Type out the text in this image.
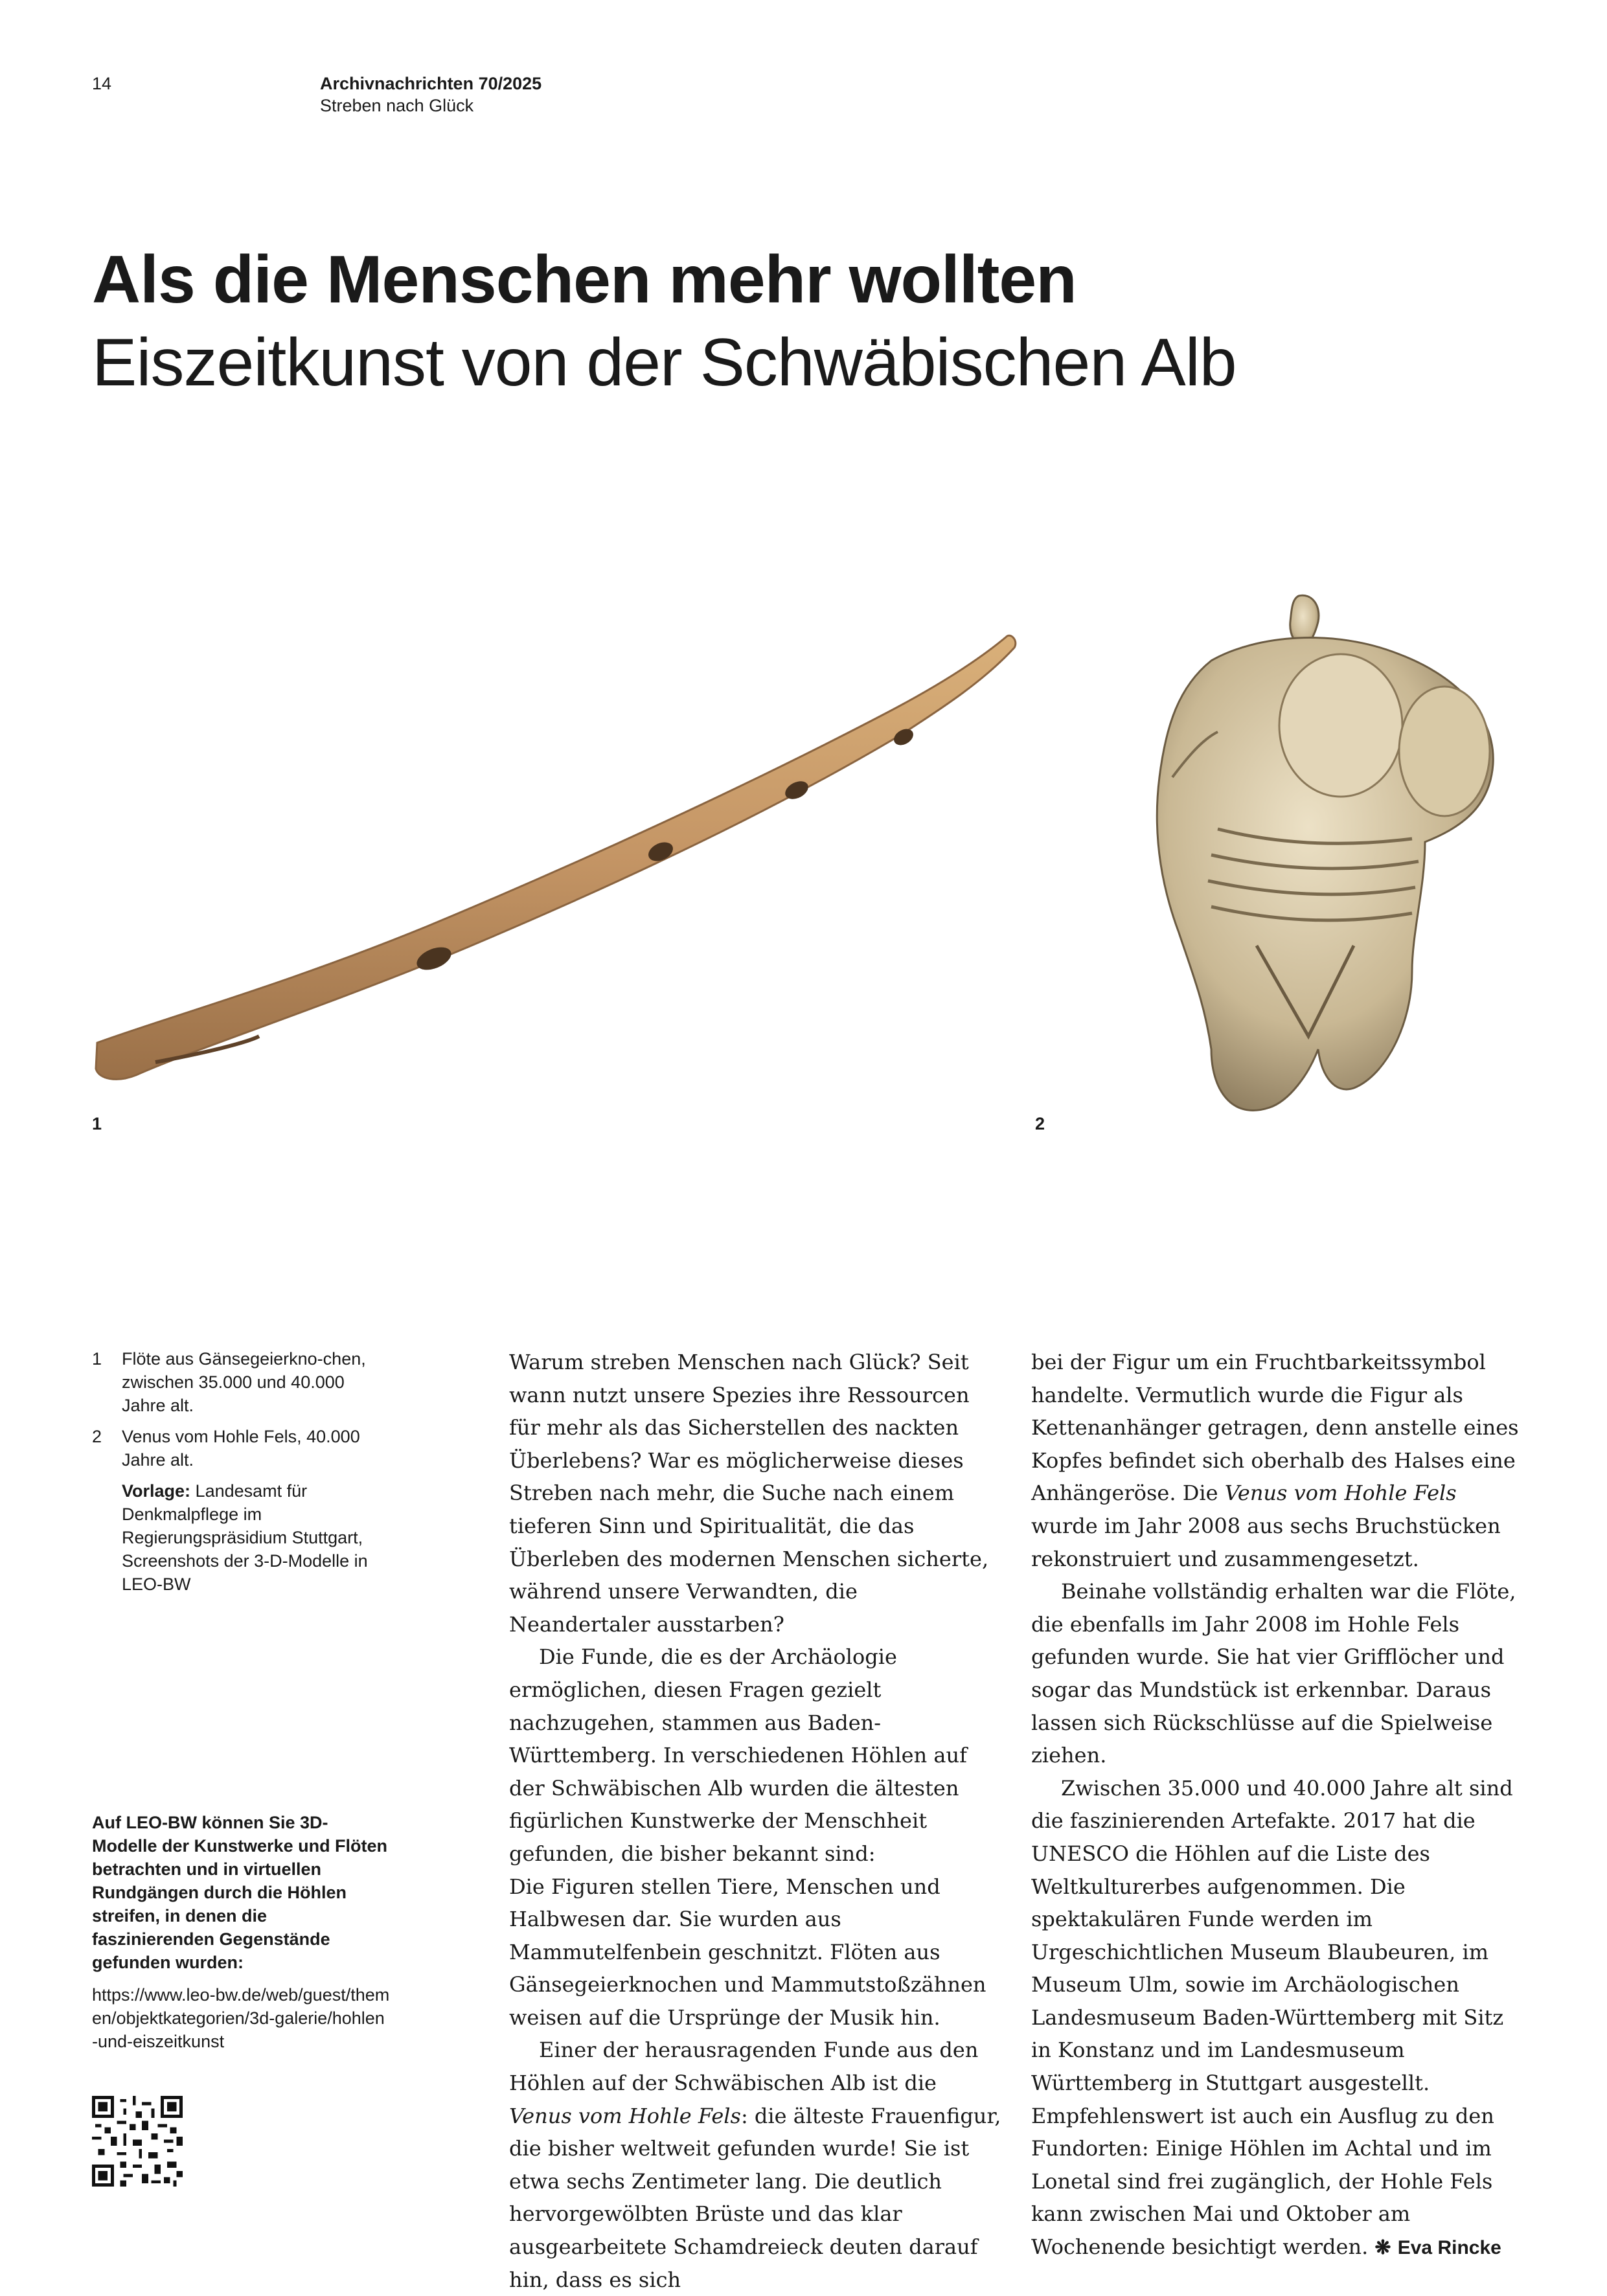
14	Archivnachrichten 70/2025
Streben nach Glück
Als die Menschen mehr wollten
Eiszeitkunst von der Schwäbischen Alb
1	2
1 Flöte aus Gänsegeierkno-chen, zwischen 35.000 und 40.000 Jahre alt.
2 Venus vom Hohle Fels, 40.000 Jahre alt.
Vorlage: Landesamt für Denkmalpflege im Regierungspräsidium Stuttgart, Screenshots der 3-D-Modelle in LEO-BW
Auf LEO-BW können Sie 3D-Modelle der Kunstwerke und Flöten betrachten und in virtuellen Rundgängen durch die Höhlen streifen, in denen die faszinierenden Gegenstände gefunden wurden:
https://www.leo-bw.de/web/guest/themen/objektkategorien/3d-galerie/hohlen-und-eiszeitkunst

Warum streben Menschen nach Glück? Seit wann nutzt unsere Spezies ihre Ressourcen für mehr als das Sicherstellen des nackten Überlebens? War es möglicherweise dieses Streben nach mehr, die Suche nach einem tieferen Sinn und Spiritualität, die das Überleben des modernen Menschen sicherte, während unsere Verwandten, die Neandertaler ausstarben?

Die Funde, die es der Archäologie ermöglichen, diesen Fragen gezielt nachzugehen, stammen aus Baden-Württemberg. In verschiedenen Höhlen auf der Schwäbischen Alb wurden die ältesten figürlichen Kunstwerke der Menschheit gefunden, die bisher bekannt sind:

Die Figuren stellen Tiere, Menschen und Halbwesen dar. Sie wurden aus Mammutelfenbein geschnitzt. Flöten aus Gänsegeierknochen und Mammutstoßzähnen weisen auf die Ursprünge der Musik hin.

Einer der herausragenden Funde aus den Höhlen auf der Schwäbischen Alb ist die Venus vom Hohle Fels: die älteste Frauenfigur, die bisher weltweit gefunden wurde! Sie ist etwa sechs Zentimeter lang. Die deutlich hervorgewölbten Brüste und das klar ausgearbeitete Schamdreieck deuten darauf hin, dass es sich

bei der Figur um ein Fruchtbarkeitssymbol handelte. Vermutlich wurde die Figur als Kettenanhänger getragen, denn anstelle eines Kopfes befindet sich oberhalb des Halses eine Anhängeröse. Die Venus vom Hohle Fels wurde im Jahr 2008 aus sechs Bruchstücken rekonstruiert und zusammengesetzt.

Beinahe vollständig erhalten war die Flöte, die ebenfalls im Jahr 2008 im Hohle Fels gefunden wurde. Sie hat vier Grifflöcher und sogar das Mundstück ist erkennbar. Daraus lassen sich Rückschlüsse auf die Spielweise ziehen.

Zwischen 35.000 und 40.000 Jahre alt sind die faszinierenden Artefakte. 2017 hat die UNESCO die Höhlen auf die Liste des Weltkulturerbes aufgenommen. Die spektakulären Funde werden im Urgeschichtlichen Museum Blaubeuren, im Museum Ulm, sowie im Archäologischen Landesmuseum Baden-Württemberg mit Sitz in Konstanz und im Landesmuseum Württemberg in Stuttgart ausgestellt. Empfehlenswert ist auch ein Ausflug zu den Fundorten: Einige Höhlen im Achtal und im Lonetal sind frei zugänglich, der Hohle Fels kann zwischen Mai und Oktober am Wochenende besichtigt werden. ❋ Eva Rincke
